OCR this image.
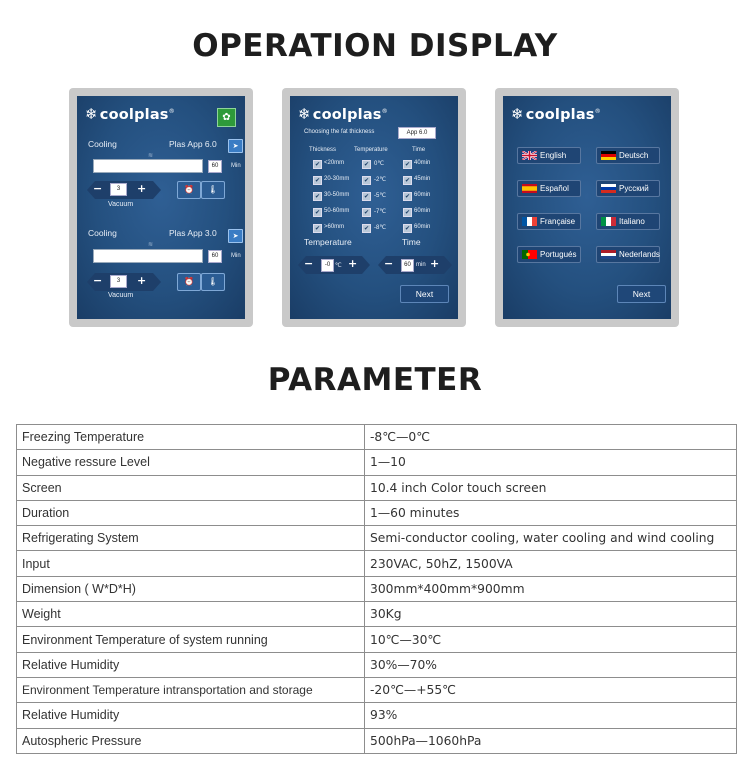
OPERATION DISPLAY
❄ coolplas®
✿
Cooling	Plas App 6.0	➤
≋
60	Min
−	3	+
Vacuum
⏰	🌡
Cooling	Plas App 3.0	➤
≋
60	Min
−	3	+
Vacuum
⏰	🌡
❄ coolplas®
Choosing the fat thickness	App 6.0
Thickness	Temperature	Time
✔ <20mm	✔ 0℃	✔ 40min
✔ 20-30mm	✔ -2℃	✔ 45min
✔ 30-50mm	✔ -5℃	✔ 60min
✔ 50-60mm	✔ -7℃	✔ 60min
✔ >60mm	✔ -8℃	✔ 60min
Temperature	Time
−	-0 ℃ + −	60 min +
Next
❄ coolplas®
English	Deutsch
Español	Русский
Française	Italiano
Portugués	Nederlands
Next
PARAMETER
Freezing Temperature	-8℃—0℃
Negative ressure Level	1—10
Screen	10.4 inch Color touch screen
Duration	1—60 minutes
Refrigerating System	Semi-conductor cooling, water cooling and wind cooling
Input	230VAC, 50hZ, 1500VA
Dimension ( W*D*H)	300mm*400mm*900mm
Weight	30Kg
Environment Temperature of system running	10℃—30℃
Relative Humidity	30%—70%
Environment Temperature intransportation and storage	-20℃—+55℃
Relative Humidity	93%
Autospheric Pressure	500hPa—1060hPa
